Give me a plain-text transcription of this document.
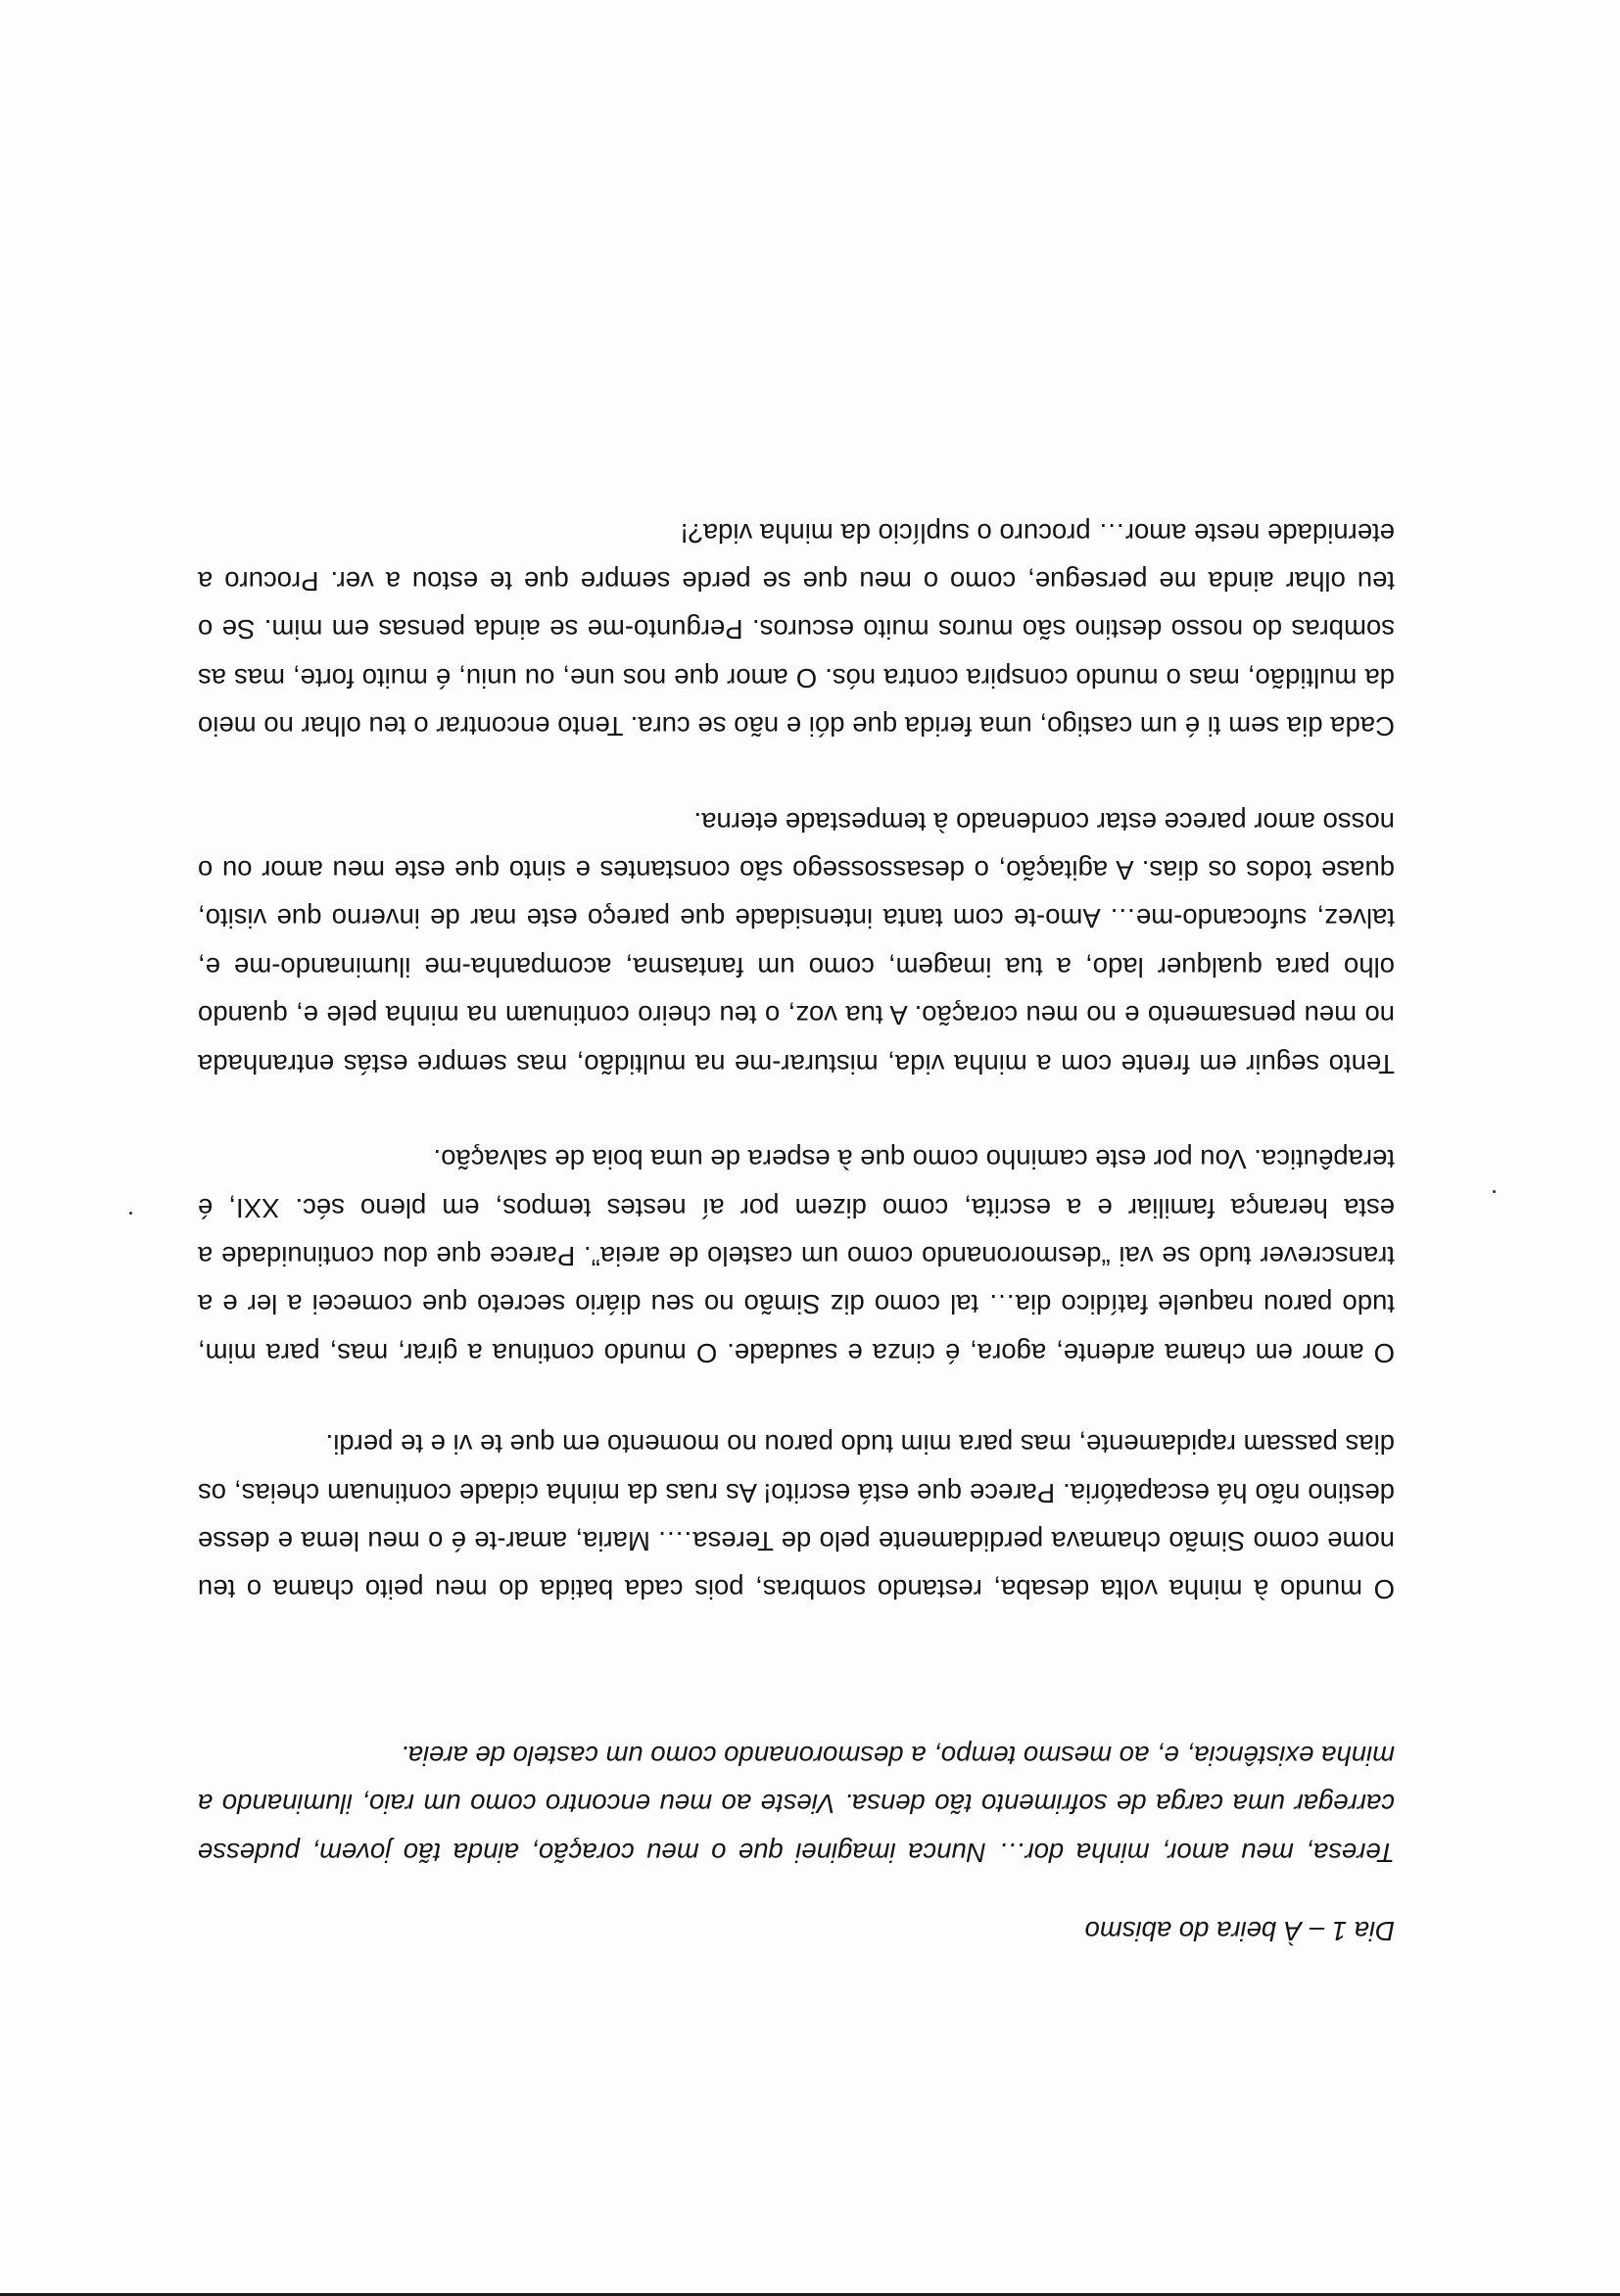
Dia 1 – À beira do abismo

Teresa, meu amor, minha dor… Nunca imaginei que o meu coração, ainda tão jovem, pudesse carregar uma carga de sofrimento tão densa. Vieste ao meu encontro como um raio, iluminando a minha existência, e, ao mesmo tempo, a desmoronando como um castelo de areia.

O mundo à minha volta desaba, restando sombras, pois cada batida do meu peito chama o teu nome como Simão chamava perdidamente pelo de Teresa…. Maria, amar-te é o meu lema e desse destino não há escapatória. Parece que está escrito! As ruas da minha cidade continuam cheias, os dias passam rapidamente, mas para mim tudo parou no momento em que te vi e te perdi.

O amor em chama ardente, agora, é cinza e saudade. O mundo continua a girar, mas, para mim, tudo parou naquele fatídico dia… tal como diz Simão no seu diário secreto que comecei a ler e a transcrever tudo se vai “desmoronando como um castelo de areia”. Parece que dou continuidade a esta herança familiar e a escrita, como dizem por aí nestes tempos, em pleno séc. XXI, é terapêutica. Vou por este caminho como que à espera de uma boia de salvação.

Tento seguir em frente com a minha vida, misturar-me na multidão, mas sempre estás entranhada no meu pensamento e no meu coração. A tua voz, o teu cheiro continuam na minha pele e, quando olho para qualquer lado, a tua imagem, como um fantasma, acompanha-me iluminando-me e, talvez, sufocando-me… Amo-te com tanta intensidade que pareço este mar de inverno que visito, quase todos os dias. A agitação, o desassossego são constantes e sinto que este meu amor ou o nosso amor parece estar condenado à tempestade eterna.

Cada dia sem ti é um castigo, uma ferida que dói e não se cura. Tento encontrar o teu olhar no meio da multidão, mas o mundo conspira contra nós. O amor que nos une, ou uniu, é muito forte, mas as sombras do nosso destino são muros muito escuros. Pergunto-me se ainda pensas em mim. Se o teu olhar ainda me persegue, como o meu que se perde sempre que te estou a ver. Procuro a eternidade neste amor… procuro o suplício da minha vida?!
